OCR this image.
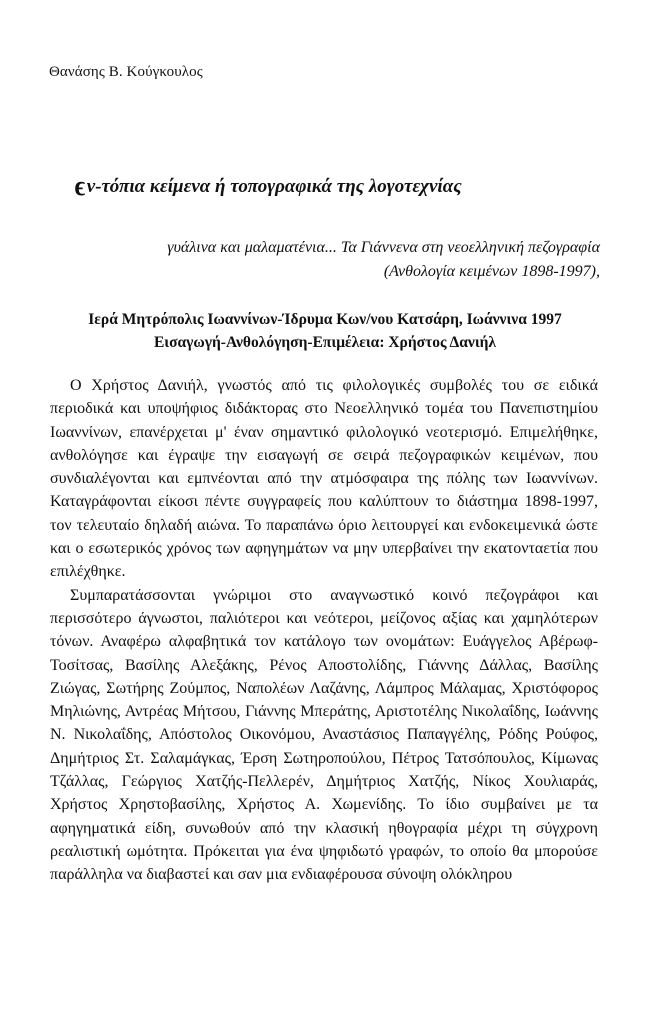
Θανάσης Β. Κούγκουλος
ϵν-τόπια κείμενα ή τοπογραφικά της λογοτεχνίας
γυάλινα και μαλαματένια... Τα Γιάννενα στη νεοελληνική πεζογραφία
(Ανθολογία κειμένων 1898-1997),
Ιερά Μητρόπολις Ιωαννίνων-Ίδρυμα Κων/νου Κατσάρη, Ιωάννινα 1997
Εισαγωγή-Ανθολόγηση-Επιμέλεια: Χρήστος Δανιήλ

Ο Χρήστος Δανιήλ, γνωστός από τις φιλολογικές συμβολές του σε ειδικά περιοδικά και υποψήφιος διδάκτορας στο Νεοελληνικό τομέα του Πανεπιστημίου Ιωαννίνων, επανέρχεται μ' έναν σημαντικό φιλολογικό νεοτερισμό. Επιμελήθηκε, ανθολόγησε και έγραψε την εισαγωγή σε σειρά πεζογραφικών κειμένων, που συνδιαλέγονται και εμπνέονται από την ατμόσφαιρα της πόλης των Ιωαννίνων. Καταγράφονται είκοσι πέντε συγγραφείς που καλύπτουν το διάστημα 1898-1997, τον τελευταίο δηλαδή αιώνα. Το παραπάνω όριο λειτουργεί και ενδοκειμενικά ώστε και ο εσωτερικός χρόνος των αφηγημάτων να μην υπερβαίνει την εκατονταετία που επιλέχθηκε.

Συμπαρατάσσονται γνώριμοι στο αναγνωστικό κοινό πεζογράφοι και περισσότερο άγνωστοι, παλιότεροι και νεότεροι, μείζονος αξίας και χαμηλότερων τόνων. Αναφέρω αλφαβητικά τον κατάλογο των ονομάτων: Ευάγγελος Αβέρωφ-Τοσίτσας, Βασίλης Αλεξάκης, Ρένος Αποστολίδης, Γιάννης Δάλλας, Βασίλης Ζιώγας, Σωτήρης Ζούμπος, Ναπολέων Λαζάνης, Λάμπρος Μάλαμας, Χριστόφορος Μηλιώνης, Αντρέας Μήτσου, Γιάννης Μπεράτης, Αριστοτέλης Νικολαΐδης, Ιωάννης Ν. Νικολαΐδης, Απόστολος Οικονόμου, Αναστάσιος Παπαγγέλης, Ρόδης Ρούφος, Δημήτριος Στ. Σαλαμάγκας, Έρση Σωτηροπούλου, Πέτρος Τατσόπουλος, Κίμωνας Τζάλλας, Γεώργιος Χατζής-Πελλερέν, Δημήτριος Χατζής, Νίκος Χουλιαράς, Χρήστος Χρηστοβασίλης, Χρήστος Α. Χωμενίδης. Το ίδιο συμβαίνει με τα αφηγηματικά είδη, συνωθούν από την κλασική ηθογραφία μέχρι τη σύγχρονη ρεαλιστική ωμότητα. Πρόκειται για ένα ψηφιδωτό γραφών, το οποίο θα μπορούσε παράλληλα να διαβαστεί και σαν μια ενδιαφέρουσα σύνοψη ολόκληρου
